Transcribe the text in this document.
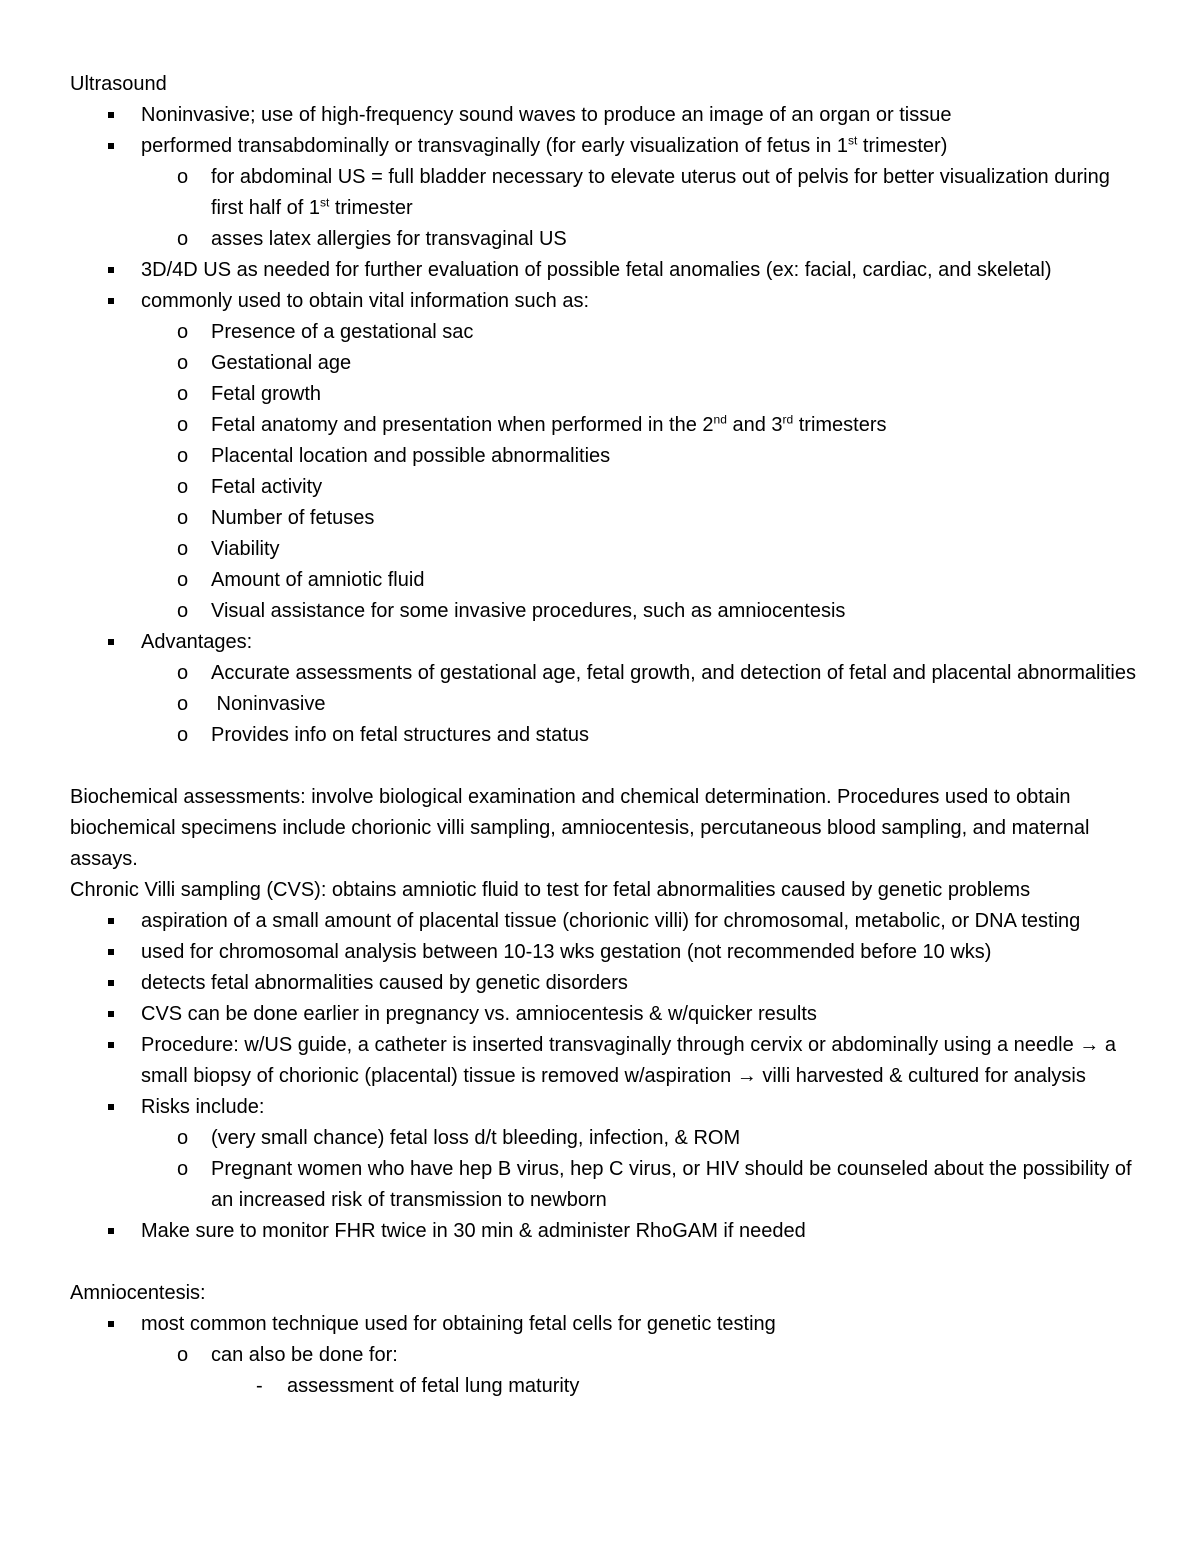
Ultrasound
Noninvasive; use of high-frequency sound waves to produce an image of an organ or tissue
performed transabdominally or transvaginally (for early visualization of fetus in 1st trimester)
o for abdominal US = full bladder necessary to elevate uterus out of pelvis for better visualization during first half of 1st trimester
o asses latex allergies for transvaginal US
3D/4D US as needed for further evaluation of possible fetal anomalies (ex: facial, cardiac, and skeletal)
commonly used to obtain vital information such as:
o Presence of a gestational sac
o Gestational age
o Fetal growth
o Fetal anatomy and presentation when performed in the 2nd and 3rd trimesters
o Placental location and possible abnormalities
o Fetal activity
o Number of fetuses
o Viability
o Amount of amniotic fluid
o Visual assistance for some invasive procedures, such as amniocentesis
Advantages:
o Accurate assessments of gestational age, fetal growth, and detection of fetal and placental abnormalities
o Noninvasive
o Provides info on fetal structures and status
Biochemical assessments: involve biological examination and chemical determination. Procedures used to obtain biochemical specimens include chorionic villi sampling, amniocentesis, percutaneous blood sampling, and maternal assays.
Chronic Villi sampling (CVS): obtains amniotic fluid to test for fetal abnormalities caused by genetic problems
aspiration of a small amount of placental tissue (chorionic villi) for chromosomal, metabolic, or DNA testing
used for chromosomal analysis between 10-13 wks gestation (not recommended before 10 wks)
detects fetal abnormalities caused by genetic disorders
CVS can be done earlier in pregnancy vs. amniocentesis & w/quicker results
Procedure: w/US guide, a catheter is inserted transvaginally through cervix or abdominally using a needle → a small biopsy of chorionic (placental) tissue is removed w/aspiration → villi harvested & cultured for analysis
Risks include:
o (very small chance) fetal loss d/t bleeding, infection, & ROM
o Pregnant women who have hep B virus, hep C virus, or HIV should be counseled about the possibility of an increased risk of transmission to newborn
Make sure to monitor FHR twice in 30 min & administer RhoGAM if needed
Amniocentesis:
most common technique used for obtaining fetal cells for genetic testing
o can also be done for:
- assessment of fetal lung maturity
